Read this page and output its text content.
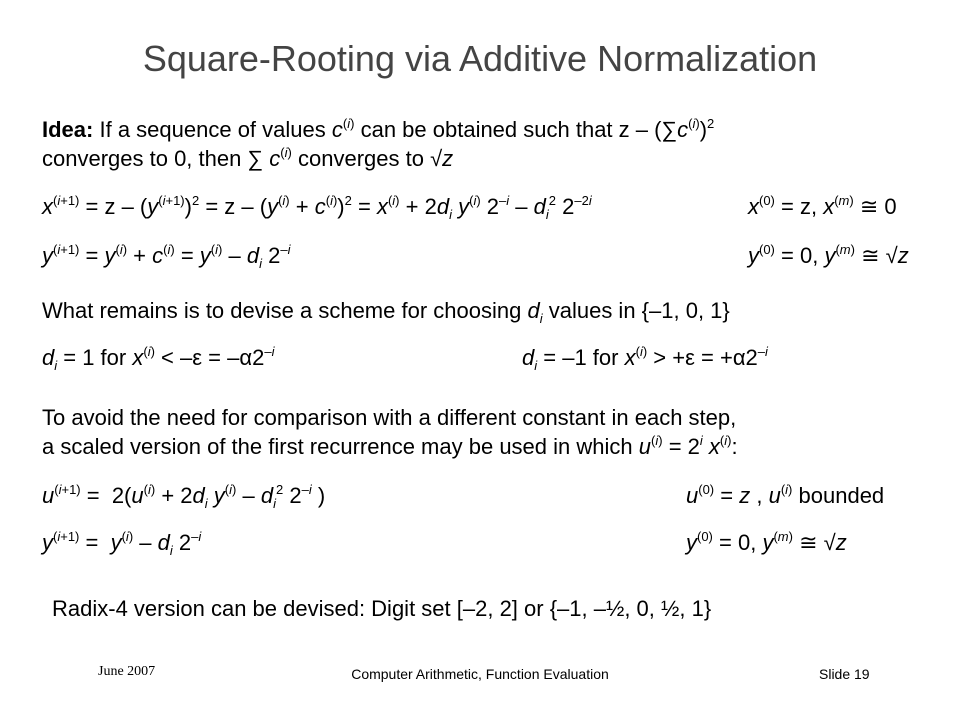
Square-Rooting via Additive Normalization
Idea: If a sequence of values $c^{(i)}$ can be obtained such that z – $(\sum c^{(i)})^2$
converges to 0, then ∑ $c^{(i)}$ converges to √z
$x^{(i+1)} = z - (y^{(i+1)})^2 = z - (y^{(i)} + c^{(i)})^2 = x^{(i)} + 2d_i$ $y^{(i)}$ $2^{-i} - d_i^2$ $2^{-2i}$	$x^{(0)} = z$, $x^{(m)}$ ≅ 0
$y^{(i+1)} = y^{(i)} + c^{(i)} = y^{(i)} - d_i$ $2^{-i}$	$y^{(0)} = 0$, $y^{(m)}$ ≅ √z
What remains is to devise a scheme for choosing $d_i$ values in {–1, 0, 1}
$d_i = 1$ for $x^{(i)} < -\varepsilon = -\alpha 2^{-i}$	$d_i = -1$ for $x^{(i)} > +\varepsilon = +\alpha 2^{-i}$
To avoid the need for comparison with a different constant in each step,
a scaled version of the first recurrence may be used in which $u^{(i)} = 2^i$ $x^{(i)}$:
$u^{(i+1)} = 2(u^{(i)} + 2d_i$ $y^{(i)} - d_i^2$ $2^{-i}$ )	$u^{(0)} = z$ , $u^{(i)}$ bounded
$y^{(i+1)} = y^{(i)} - d_i$ $2^{-i}$	$y^{(0)} = 0$, $y^{(m)}$ ≅ √z
Radix-4 version can be devised: Digit set [–2, 2] or {–1, –½, 0, ½, 1}
June 2007	Computer Arithmetic, Function Evaluation	Slide 19
